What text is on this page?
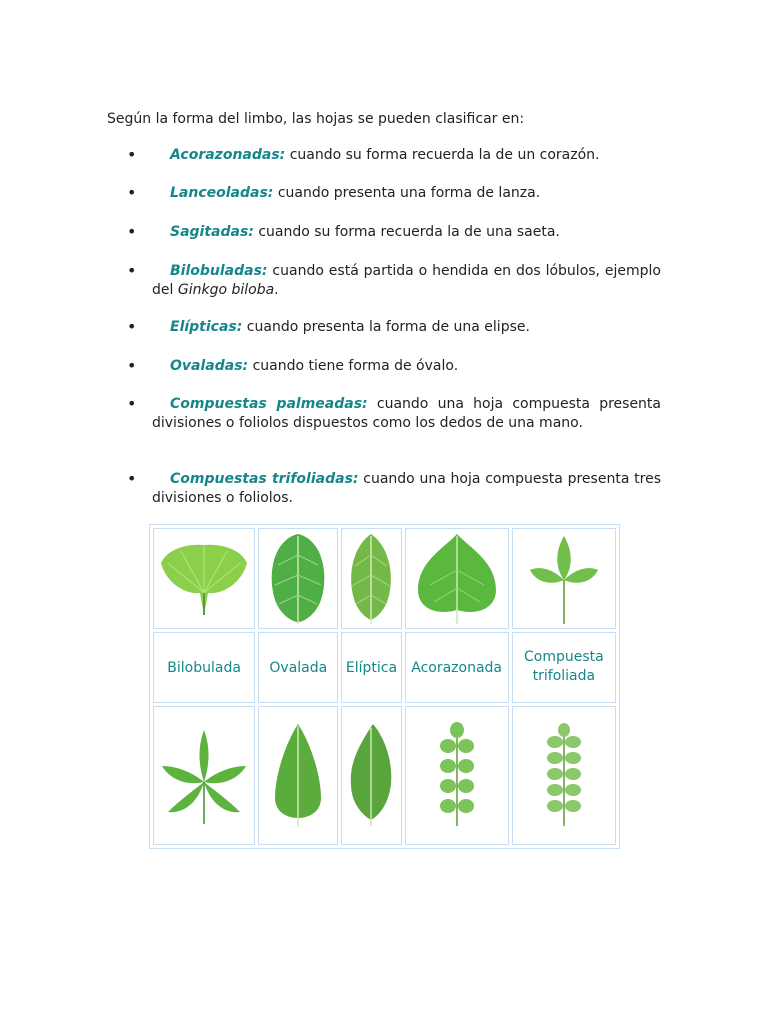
Según la forma del limbo, las hojas se pueden clasificar en:

•	Acorazonadas: cuando su forma recuerda la de un corazón.

•	Lanceoladas: cuando presenta una forma de lanza.

•	Sagitadas: cuando su forma recuerda la de una saeta.

•	Bilobuladas: cuando está partida o hendida en dos lóbulos, ejemplo del Ginkgo biloba.

•	Elípticas: cuando presenta la forma de una elipse.

•	Ovaladas: cuando tiene forma de óvalo.

•	Compuestas palmeadas: cuando una hoja compuesta presenta divisiones o foliolos dispuestos como los dedos de una mano.

•	Compuestas trifoliadas: cuando una hoja compuesta presenta tres divisiones o foliolos.

Bilobulada	Ovalada	Elíptica	Acorazonada	Compuesta trifoliada
